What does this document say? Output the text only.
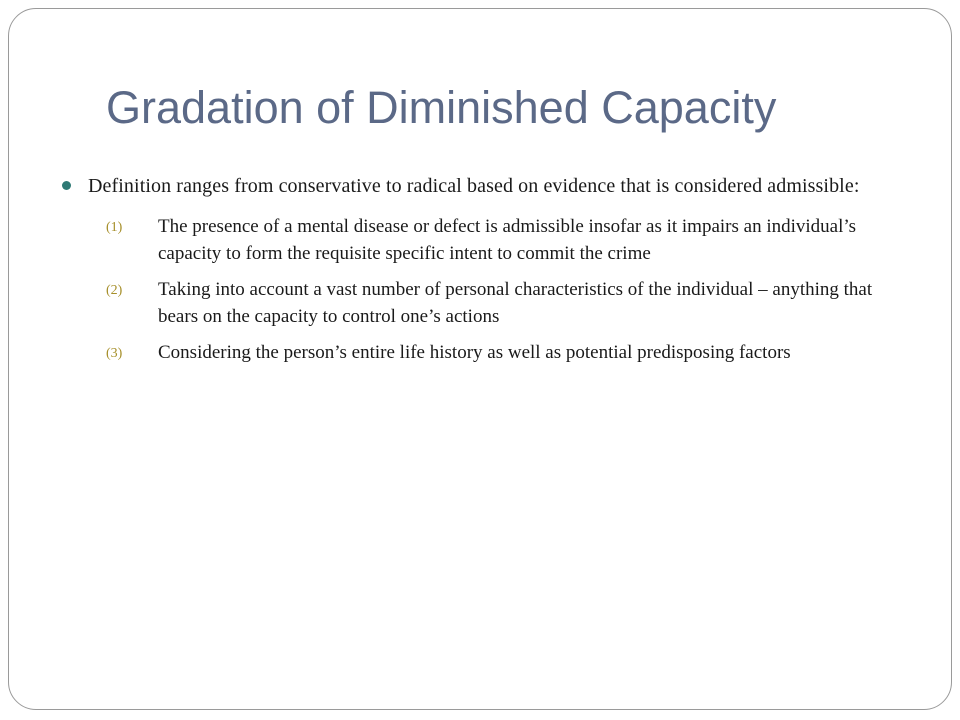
Gradation of Diminished Capacity
Definition ranges from conservative to radical based on evidence that is considered admissible:
(1) The presence of a mental disease or defect is admissible insofar as it impairs an individual’s capacity to form the requisite specific intent to commit the crime
(2) Taking into account a vast number of personal characteristics of the individual – anything that bears on the capacity to control one’s actions
(3) Considering the person’s entire life history as well as potential predisposing factors
